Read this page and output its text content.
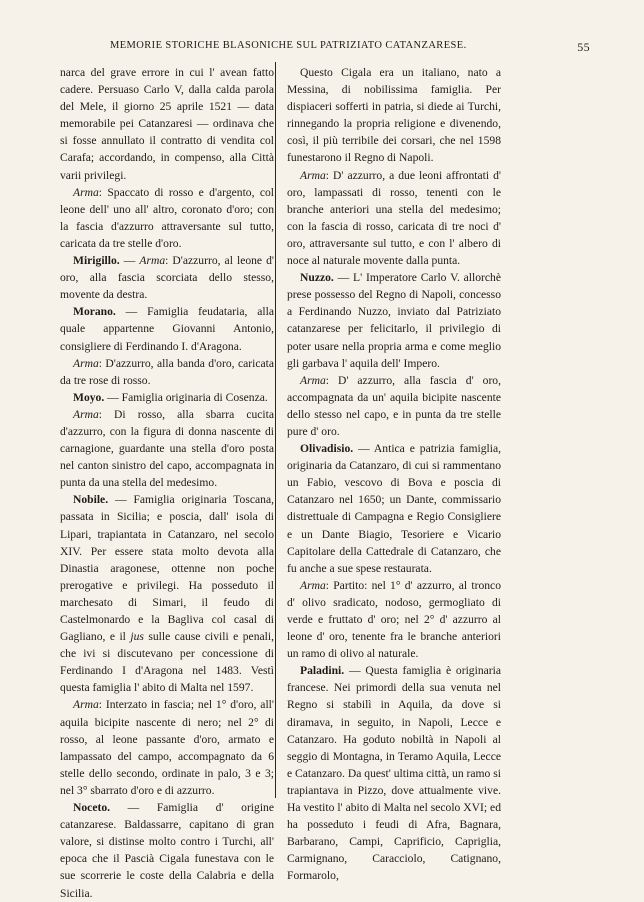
MEMORIE STORICHE BLASONICHE SUL PATRIZIATO CATANZARESE.	55

narca del grave errore in cui l' avean fatto cadere. Persuaso Carlo V, dalla calda parola del Mele, il giorno 25 aprile 1521 — data memorabile pei Catanzaresi — ordinava che si fosse annullato il contratto di vendita col Carafa; accordando, in compenso, alla Città varii privilegi.

Arma: Spaccato di rosso e d'argento, col leone dell' uno all' altro, coronato d'oro; con la fascia d'azzurro attraversante sul tutto, caricata da tre stelle d'oro.

Mirigillo. — Arma: D'azzurro, al leone d' oro, alla fascia scorciata dello stesso, movente da destra.

Morano. — Famiglia feudataria, alla quale appartenne Giovanni Antonio, consigliere di Ferdinando I. d'Aragona.

Arma: D'azzurro, alla banda d'oro, caricata da tre rose di rosso.

Moyo. — Famiglia originaria di Cosenza.

Arma: Di rosso, alla sbarra cucita d'azzurro, con la figura di donna nascente di carnagione, guardante una stella d'oro posta nel canton sinistro del capo, accompagnata in punta da una stella del medesimo.

Nobile. — Famiglia originaria Toscana, passata in Sicilia; e poscia, dall' isola di Lipari, trapiantata in Catanzaro, nel secolo XIV. Per essere stata molto devota alla Dinastia aragonese, ottenne non poche prerogative e privilegi. Ha posseduto il marchesato di Simari, il feudo di Castelmonardo e la Bagliva col casal di Gagliano, e il jus sulle cause civili e penali, che ivi si discutevano per concessione di Ferdinando I d'Aragona nel 1483. Vestì questa famiglia l' abito di Malta nel 1597.

Arma: Interzato in fascia; nel 1° d'oro, all' aquila bicipite nascente di nero; nel 2° di rosso, al leone passante d'oro, armato e lampassato del campo, accompagnato da 6 stelle dello secondo, ordinate in palo, 3 e 3; nel 3° sbarrato d'oro e di azzurro.

Noceto. — Famiglia d' origine catanzarese. Baldassarre, capitano di gran valore, si distinse molto contro i Turchi, all' epoca che il Pascià Cigala funestava con le sue scorrerie le coste della Calabria e della Sicilia.

Questo Cigala era un italiano, nato a Messina, di nobilissima famiglia. Per dispiaceri sofferti in patria, si diede ai Turchi, rinnegando la propria religione e divenendo, così, il più terribile dei corsari, che nel 1598 funestarono il Regno di Napoli.

Arma: D' azzurro, a due leoni affrontati d' oro, lampassati di rosso, tenenti con le branche anteriori una stella del medesimo; con la fascia di rosso, caricata di tre noci d' oro, attraversante sul tutto, e con l' albero di noce al naturale movente dalla punta.

Nuzzo. — L' Imperatore Carlo V. allorchè prese possesso del Regno di Napoli, concesso a Ferdinando Nuzzo, inviato dal Patriziato catanzarese per felicitarlo, il privilegio di poter usare nella propria arma e come meglio gli garbava l' aquila dell' Impero.

Arma: D' azzurro, alla fascia d' oro, accompagnata da un' aquila bicipite nascente dello stesso nel capo, e in punta da tre stelle pure d' oro.

Olivadisio. — Antica e patrizia famiglia, originaria da Catanzaro, di cui si rammentano un Fabio, vescovo di Bova e poscia di Catanzaro nel 1650; un Dante, commissario distrettuale di Campagna e Regio Consigliere e un Dante Biagio, Tesoriere e Vicario Capitolare della Cattedrale di Catanzaro, che fu anche a sue spese restaurata.

Arma: Partito: nel 1° d' azzurro, al tronco d' olivo sradicato, nodoso, germogliato di verde e fruttato d' oro; nel 2° d' azzurro al leone d' oro, tenente fra le branche anteriori un ramo di olivo al naturale.

Paladini. — Questa famiglia è originaria francese. Nei primordi della sua venuta nel Regno si stabilì in Aquila, da dove si diramava, in seguito, in Napoli, Lecce e Catanzaro. Ha goduto nobiltà in Napoli al seggio di Montagna, in Teramo Aquila, Lecce e Catanzaro. Da quest' ultima città, un ramo si trapiantava in Pizzo, dove attualmente vive. Ha vestito l' abito di Malta nel secolo XVI; ed ha posseduto i feudi di Afra, Bagnara, Barbarano, Campi, Caprificio, Capriglia, Carmignano, Caracciolo, Catignano, Formarolo,
